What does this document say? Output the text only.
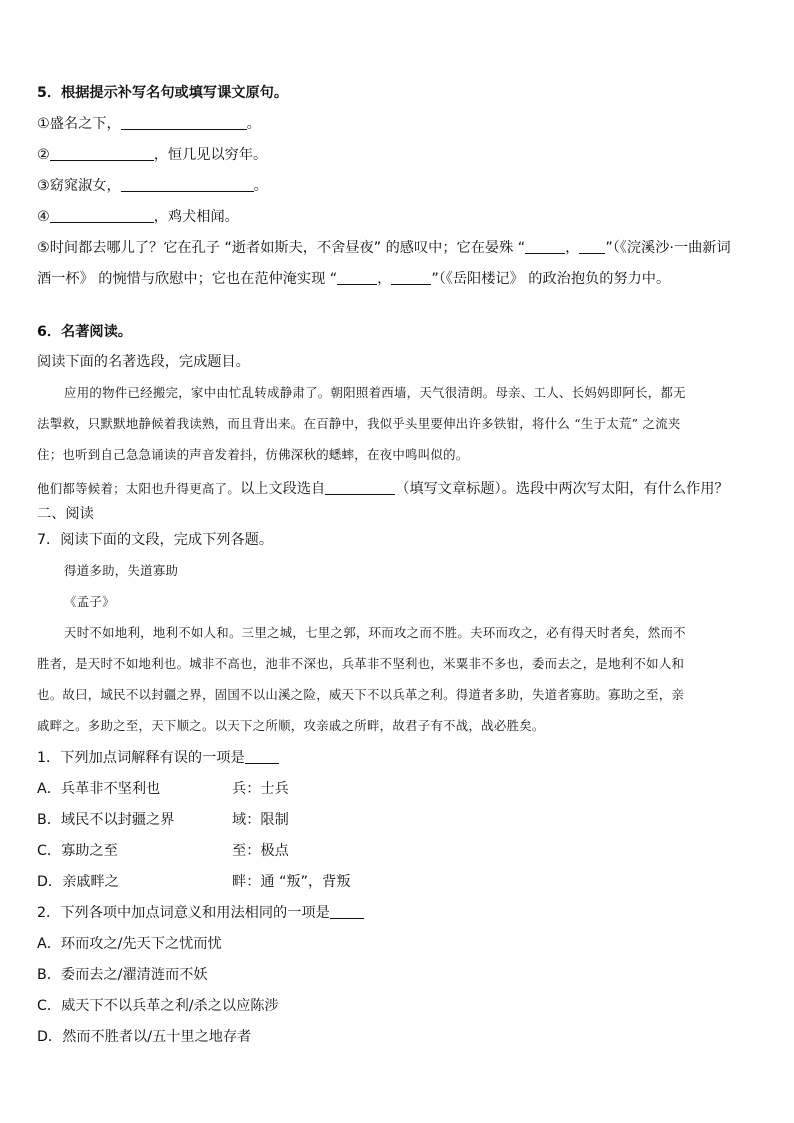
5．根据提示补写名句或填写课文原句。
①盛名之下，	。
②	，恒几见以穷年。
③窈窕淑女，	。
④	，鸡犬相闻。
⑤时间都去哪儿了？它在孔子 “逝者如斯夫，不舍昼夜” 的感叹中；它在晏殊 “	， ”（《浣溪沙·一曲新词
酒一杯》 的惋惜与欣慰中；它也在范仲淹实现 “	，	”（《岳阳楼记》 的政治抱负的努力中。
6．名著阅读。
阅读下面的名著选段，完成题目。
应用的物件已经搬完，家中由忙乱转成静肃了。朝阳照着西墙，天气很清朗。母亲、工人、长妈妈即阿长，都无
法掣救，只默默地静候着我读熟，而且背出来。在百静中，我似乎头里要伸出许多铁钳，将什么 “生于太荒” 之流夹
住；也听到自己急急诵读的声音发着抖，仿佛深秋的蟋蟀，在夜中鸣叫似的。
他们都等候着；太阳也升得更高了。以上文段选自	（填写文章标题）。选段中两次写太阳，有什么作用？
二、阅读
7．阅读下面的文段，完成下列各题。
得道多助，失道寡助
《孟子》
天时不如地利，地利不如人和。三里之城，七里之郭，环而攻之而不胜。夫环而攻之，必有得天时者矣，然而不
胜者，是天时不如地利也。城非不高也，池非不深也，兵革非不坚利也，米粟非不多也，委而去之，是地利不如人和
也。故曰，域民不以封疆之界，固国不以山溪之险，威天下不以兵革之利。得道者多助，失道者寡助。寡助之至，亲
戚畔之。多助之至，天下顺之。以天下之所顺，攻亲戚之所畔，故君子有不战，战必胜矣。
1．下列加点词解释有误的一项是
A．兵革非不坚利也	兵：士兵
B．域民不以封疆之界	域：限制
C．寡助之至	至：极点
D．亲戚畔之	畔：通 “叛”，背叛
2．下列各项中加点词意义和用法相同的一项是
A．环而攻之/先天下之忧而忧
B．委而去之/濯清涟而不妖
C．威天下不以兵革之利/杀之以应陈涉
D．然而不胜者以/五十里之地存者
